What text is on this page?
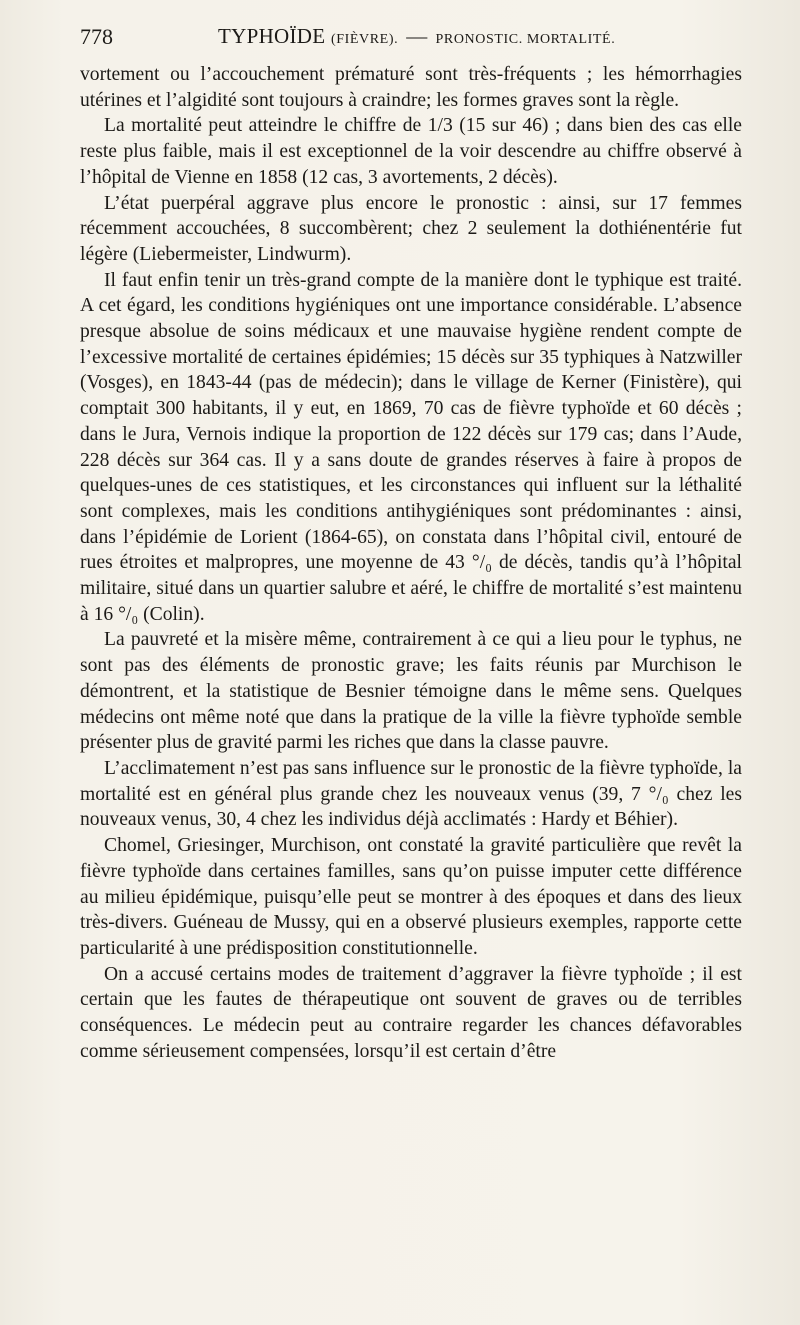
778	TYPHOÏDE (FIÈVRE). — PRONOSTIC. MORTALITÉ.

vortement ou l’accouchement prématuré sont très-fréquents ; les hémorrhagies utérines et l’algidité sont toujours à craindre; les formes graves sont la règle.

La mortalité peut atteindre le chiffre de 1/3 (15 sur 46) ; dans bien des cas elle reste plus faible, mais il est exceptionnel de la voir descendre au chiffre observé à l’hôpital de Vienne en 1858 (12 cas, 3 avortements, 2 décès).

L’état puerpéral aggrave plus encore le pronostic : ainsi, sur 17 femmes récemment accouchées, 8 succombèrent; chez 2 seulement la dothiénentérie fut légère (Liebermeister, Lindwurm).

Il faut enfin tenir un très-grand compte de la manière dont le typhique est traité. A cet égard, les conditions hygiéniques ont une importance considérable. L’absence presque absolue de soins médicaux et une mauvaise hygiène rendent compte de l’excessive mortalité de certaines épidémies; 15 décès sur 35 typhiques à Natzwiller (Vosges), en 1843-44 (pas de médecin); dans le village de Kerner (Finistère), qui comptait 300 habitants, il y eut, en 1869, 70 cas de fièvre typhoïde et 60 décès ; dans le Jura, Vernois indique la proportion de 122 décès sur 179 cas; dans l’Aude, 228 décès sur 364 cas. Il y a sans doute de grandes réserves à faire à propos de quelques-unes de ces statistiques, et les circonstances qui influent sur la léthalité sont complexes, mais les conditions antihygiéniques sont prédominantes : ainsi, dans l’épidémie de Lorient (1864-65), on constata dans l’hôpital civil, entouré de rues étroites et malpropres, une moyenne de 43 °/₀ de décès, tandis qu’à l’hôpital militaire, situé dans un quartier salubre et aéré, le chiffre de mortalité s’est maintenu à 16 °/₀ (Colin).

La pauvreté et la misère même, contrairement à ce qui a lieu pour le typhus, ne sont pas des éléments de pronostic grave; les faits réunis par Murchison le démontrent, et la statistique de Besnier témoigne dans le même sens. Quelques médecins ont même noté que dans la pratique de la ville la fièvre typhoïde semble présenter plus de gravité parmi les riches que dans la classe pauvre.

L’acclimatement n’est pas sans influence sur le pronostic de la fièvre typhoïde, la mortalité est en général plus grande chez les nouveaux venus (39, 7 °/₀ chez les nouveaux venus, 30, 4 chez les individus déjà acclimatés : Hardy et Béhier).

Chomel, Griesinger, Murchison, ont constaté la gravité particulière que revêt la fièvre typhoïde dans certaines familles, sans qu’on puisse imputer cette différence au milieu épidémique, puisqu’elle peut se montrer à des époques et dans des lieux très-divers. Guéneau de Mussy, qui en a observé plusieurs exemples, rapporte cette particularité à une prédisposition constitutionnelle.

On a accusé certains modes de traitement d’aggraver la fièvre typhoïde ; il est certain que les fautes de thérapeutique ont souvent de graves ou de terribles conséquences. Le médecin peut au contraire regarder les chances défavorables comme sérieusement compensées, lorsqu’il est certain d’être
